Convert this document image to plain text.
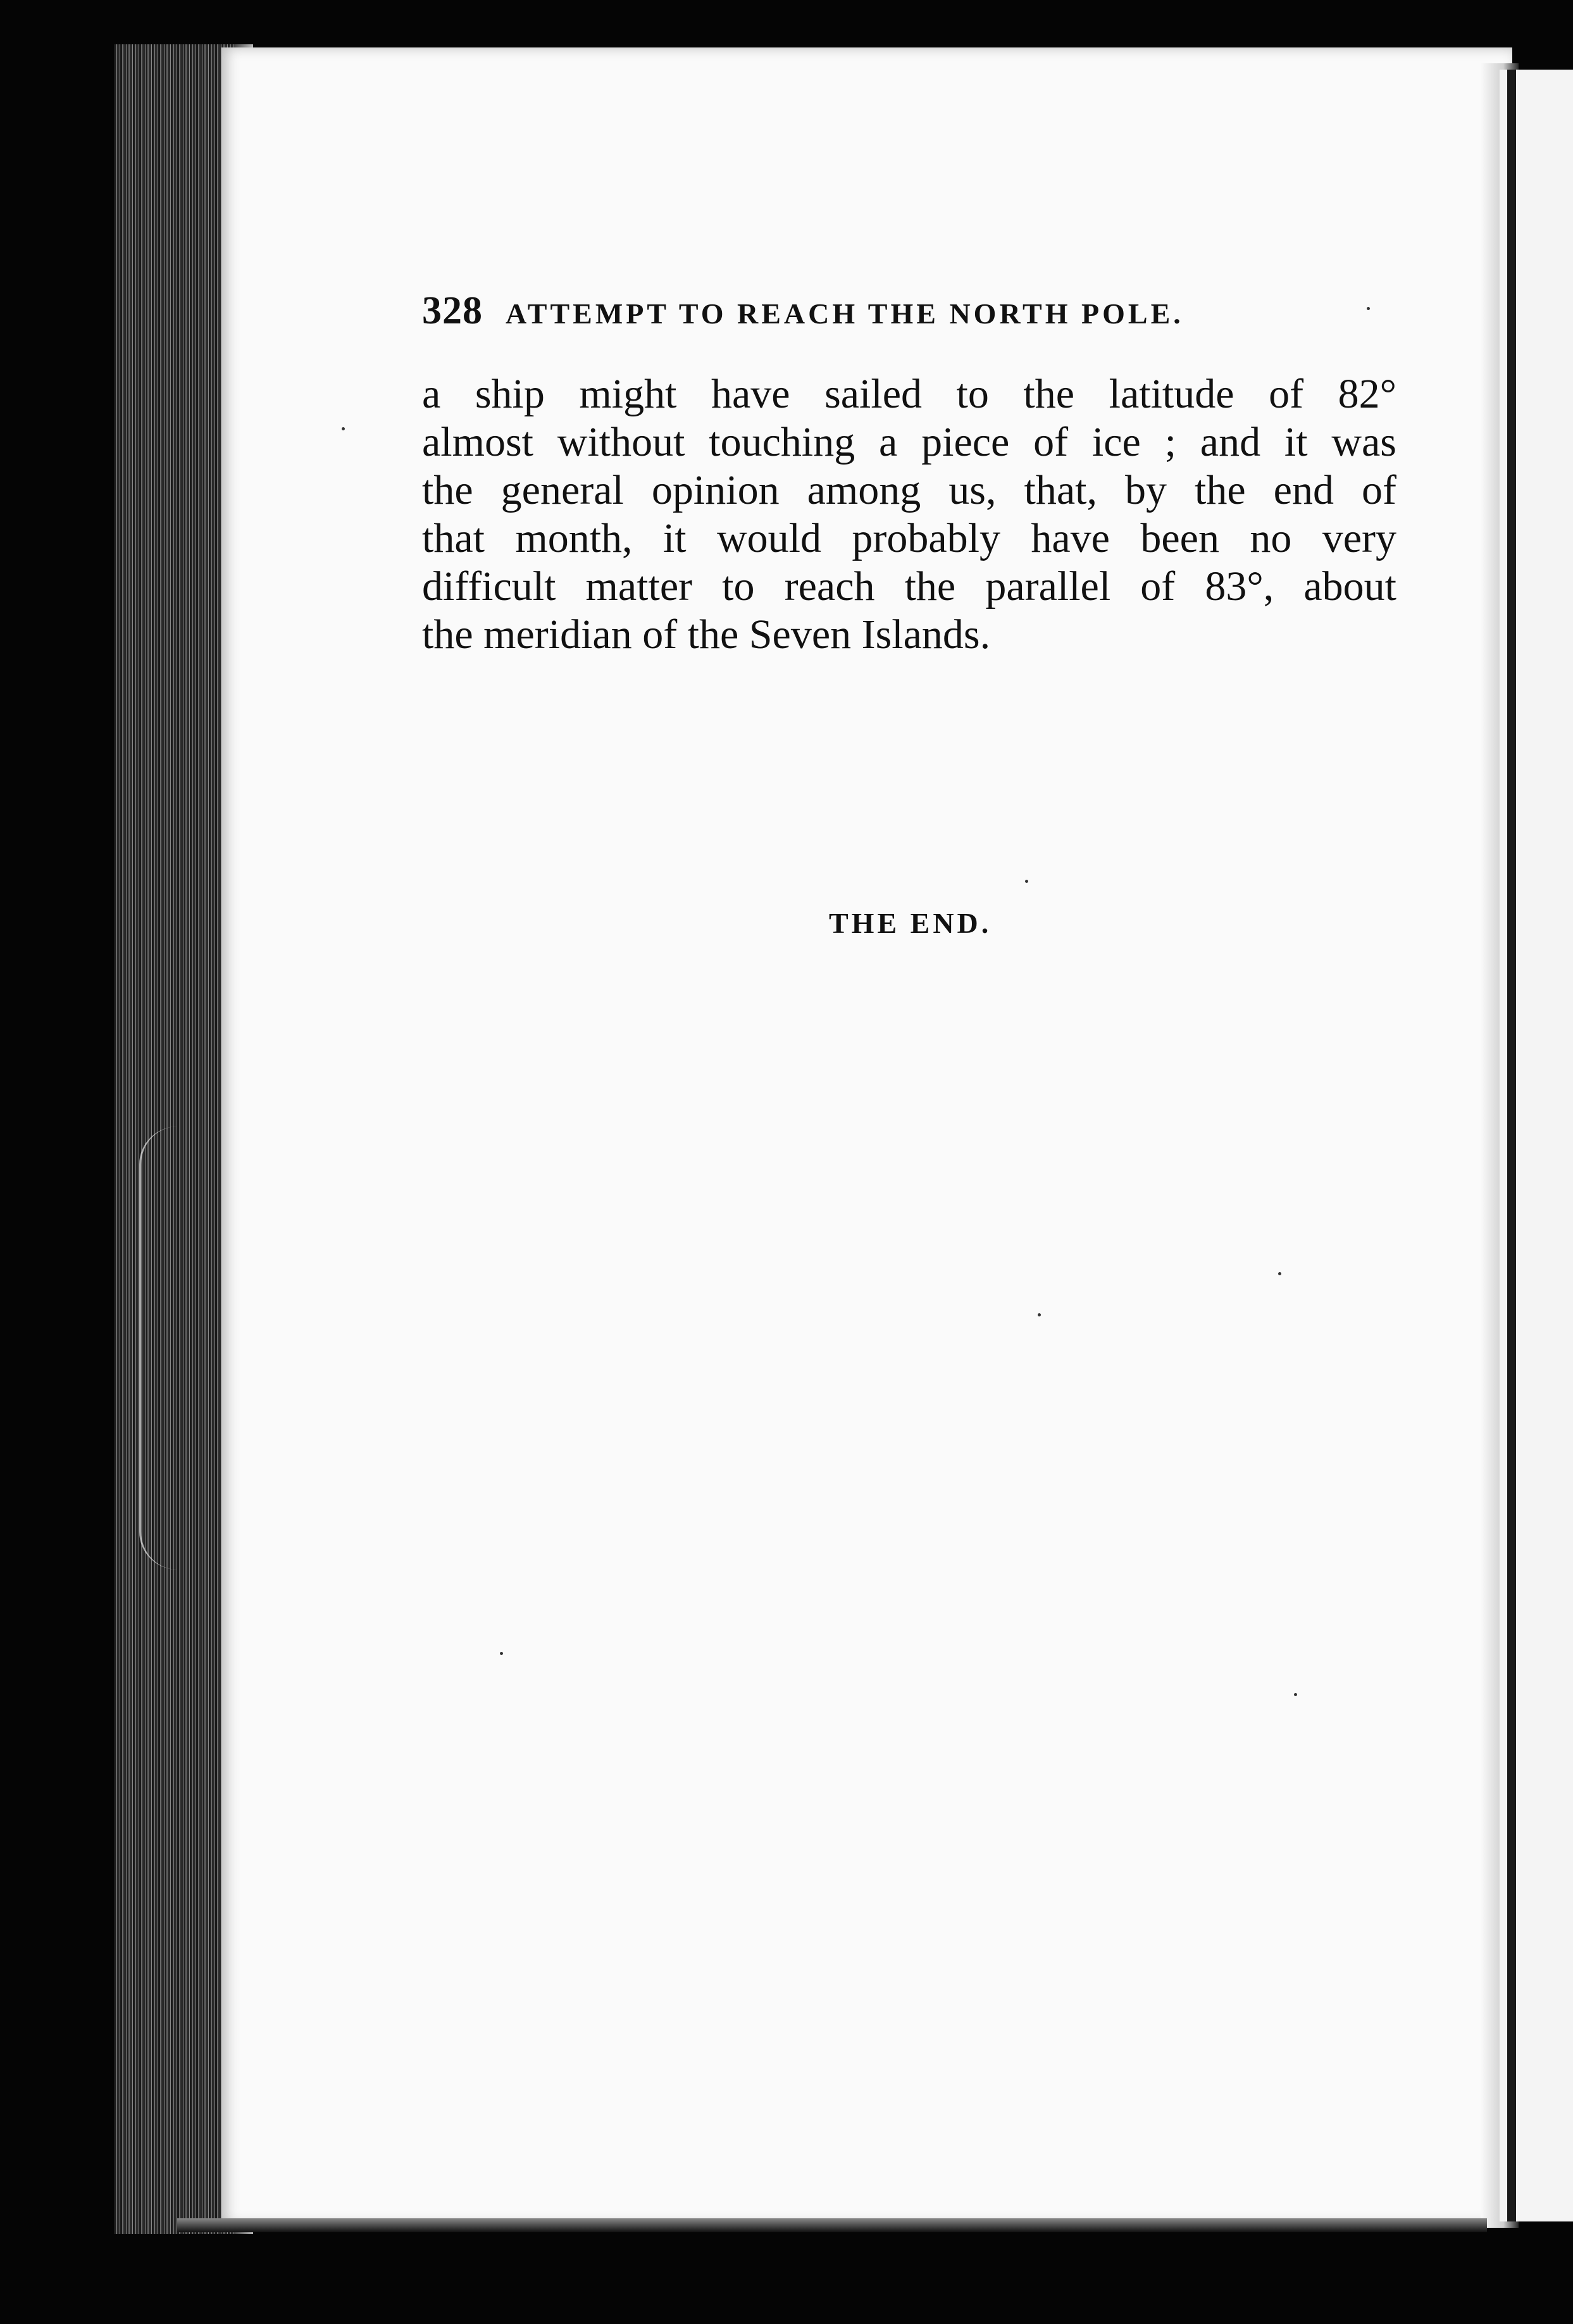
328 ATTEMPT TO REACH THE NORTH POLE.
a ship might have sailed to the latitude of 82°
almost without touching a piece of ice ; and it was
the general opinion among us, that, by the end of
that month, it would probably have been no very
difficult matter to reach the parallel of 83°, about
the meridian of the Seven Islands.
THE END.
